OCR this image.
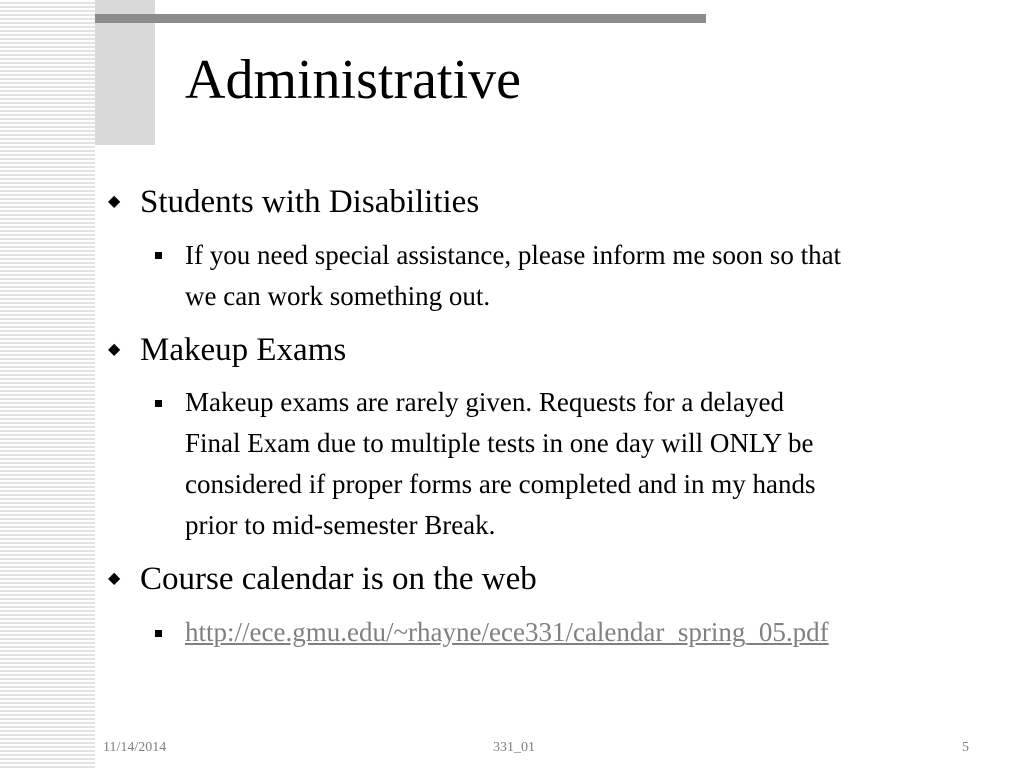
Administrative
◆ Students with Disabilities
If you need special assistance, please inform me soon so that
we can work something out.
◆ Makeup Exams
Makeup exams are rarely given. Requests for a delayed
Final Exam due to multiple tests in one day will ONLY be
considered if proper forms are completed and in my hands
prior to mid-semester Break.
◆ Course calendar is on the web
http://ece.gmu.edu/~rhayne/ece331/calendar_spring_05.pdf
11/14/2014	331_01	5
